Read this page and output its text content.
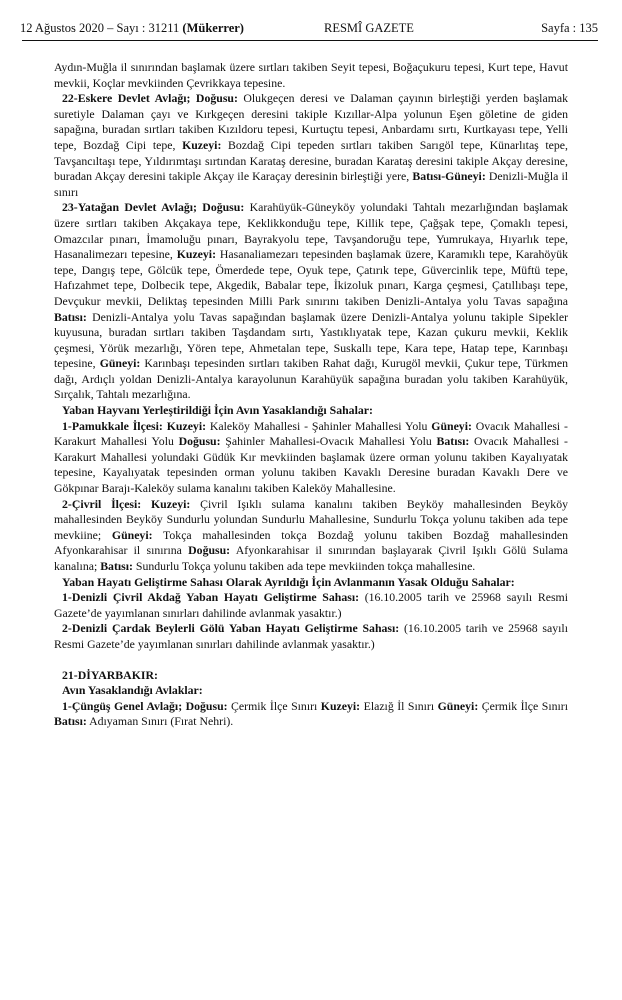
12 Ağustos 2020 – Sayı : 31211 (Mükerrer)	RESMÎ GAZETE	Sayfa : 135

Aydın-Muğla il sınırından başlamak üzere sırtları takiben Seyit tepesi, Boğaçukuru tepesi, Kurt tepe, Havut mevkii, Koçlar mevkiinden Çevrikkaya tepesine.

22-Eskere Devlet Avlağı; Doğusu: Olukgeçen deresi ve Dalaman çayının birleştiği yerden başlamak suretiyle Dalaman çayı ve Kırkgeçen deresini takiple Kızıllar-Alpa yolunun Eşen göletine de giden sapağına, buradan sırtları takiben Kızıldoru tepesi, Kurtuçtu tepesi, Anbardamı sırtı, Kurtkayası tepe, Yelli tepe, Bozdağ Cipi tepe, Kuzeyi: Bozdağ Cipi tepeden sırtları takiben Sarıgöl tepe, Künarlıtaş tepe, Tavşancıltaşı tepe, Yıldırımtaşı sırtından Karataş deresine, buradan Karataş deresini takiple Akçay deresine, buradan Akçay deresini takiple Akçay ile Karaçay deresinin birleştiği yere, Batısı-Güneyi: Denizli-Muğla il sınırı

23-Yatağan Devlet Avlağı; Doğusu: Karahüyük-Güneyköy yolundaki Tahtalı mezarlığından başlamak üzere sırtları takiben Akçakaya tepe, Keklikkonduğu tepe, Killik tepe, Çağşak tepe, Çomaklı tepesi, Omazcılar pınarı, İmamoluğu pınarı, Bayrakyolu tepe, Tavşandoruğu tepe, Yumrukaya, Hıyarlık tepe, Hasanalimezarı tepesine, Kuzeyi: Hasanaliamezarı tepesinden başlamak üzere, Karamıklı tepe, Karahöyük tepe, Dangış tepe, Gölcük tepe, Ömerdede tepe, Oyuk tepe, Çatırık tepe, Güvercinlik tepe, Müftü tepe, Hafızahmet tepe, Dolbecik tepe, Akgedik, Babalar tepe, İkizoluk pınarı, Karga çeşmesi, Çatıllıbaşı tepe, Devçukur mevkii, Deliktaş tepesinden Milli Park sınırını takiben Denizli-Antalya yolu Tavas sapağına Batısı: Denizli-Antalya yolu Tavas sapağından başlamak üzere Denizli-Antalya yolunu takiple Sipekler kuyusuna, buradan sırtları takiben Taşdandam sırtı, Yastıklıyatak tepe, Kazan çukuru mevkii, Keklik çeşmesi, Yörük mezarlığı, Yören tepe, Ahmetalan tepe, Suskallı tepe, Kara tepe, Hatap tepe, Karınbaşı tepesine, Güneyi: Karınbaşı tepesinden sırtları takiben Rahat dağı, Kurugöl mevkii, Çukur tepe, Türkmen dağı, Ardıçlı yoldan Denizli-Antalya karayolunun Karahüyük sapağına buradan yolu takiben Karahüyük, Sırçalık, Tahtalı mezarlığına.

Yaban Hayvanı Yerleştirildiği İçin Avın Yasaklandığı Sahalar:

1-Pamukkale İlçesi: Kuzeyi: Kaleköy Mahallesi - Şahinler Mahallesi Yolu Güneyi: Ovacık Mahallesi - Karakurt Mahallesi Yolu Doğusu: Şahinler Mahallesi-Ovacık Mahallesi Yolu Batısı: Ovacık Mahallesi - Karakurt Mahallesi yolundaki Güdük Kır mevkiinden başlamak üzere orman yolunu takiben Kayalıyatak tepesine, Kayalıyatak tepesinden orman yolunu takiben Kavaklı Deresine buradan Kavaklı Dere ve Gökpınar Barajı-Kaleköy sulama kanalını takiben Kaleköy Mahallesine.

2-Çivril İlçesi: Kuzeyi: Çivril Işıklı sulama kanalını takiben Beyköy mahallesinden Beyköy mahallesinden Beyköy Sundurlu yolundan Sundurlu Mahallesine, Sundurlu Tokça yolunu takiben ada tepe mevkiine; Güneyi: Tokça mahallesinden tokça Bozdağ yolunu takiben Bozdağ mahallesinden Afyonkarahisar il sınırına Doğusu: Afyonkarahisar il sınırından başlayarak Çivril Işıklı Gölü Sulama kanalına; Batısı: Sundurlu Tokça yolunu takiben ada tepe mevkiinden tokça mahallesine.

Yaban Hayatı Geliştirme Sahası Olarak Ayrıldığı İçin Avlanmanın Yasak Olduğu Sahalar:

1-Denizli Çivril Akdağ Yaban Hayatı Geliştirme Sahası: (16.10.2005 tarih ve 25968 sayılı Resmi Gazete’de yayımlanan sınırları dahilinde avlanmak yasaktır.)

2-Denizli Çardak Beylerli Gölü Yaban Hayatı Geliştirme Sahası: (16.10.2005 tarih ve 25968 sayılı Resmi Gazete’de yayımlanan sınırları dahilinde avlanmak yasaktır.)

21-DİYARBAKIR:

Avın Yasaklandığı Avlaklar:

1-Çüngüş Genel Avlağı; Doğusu: Çermik İlçe Sınırı Kuzeyi: Elazığ İl Sınırı Güneyi: Çermik İlçe Sınırı Batısı: Adıyaman Sınırı (Fırat Nehri).
